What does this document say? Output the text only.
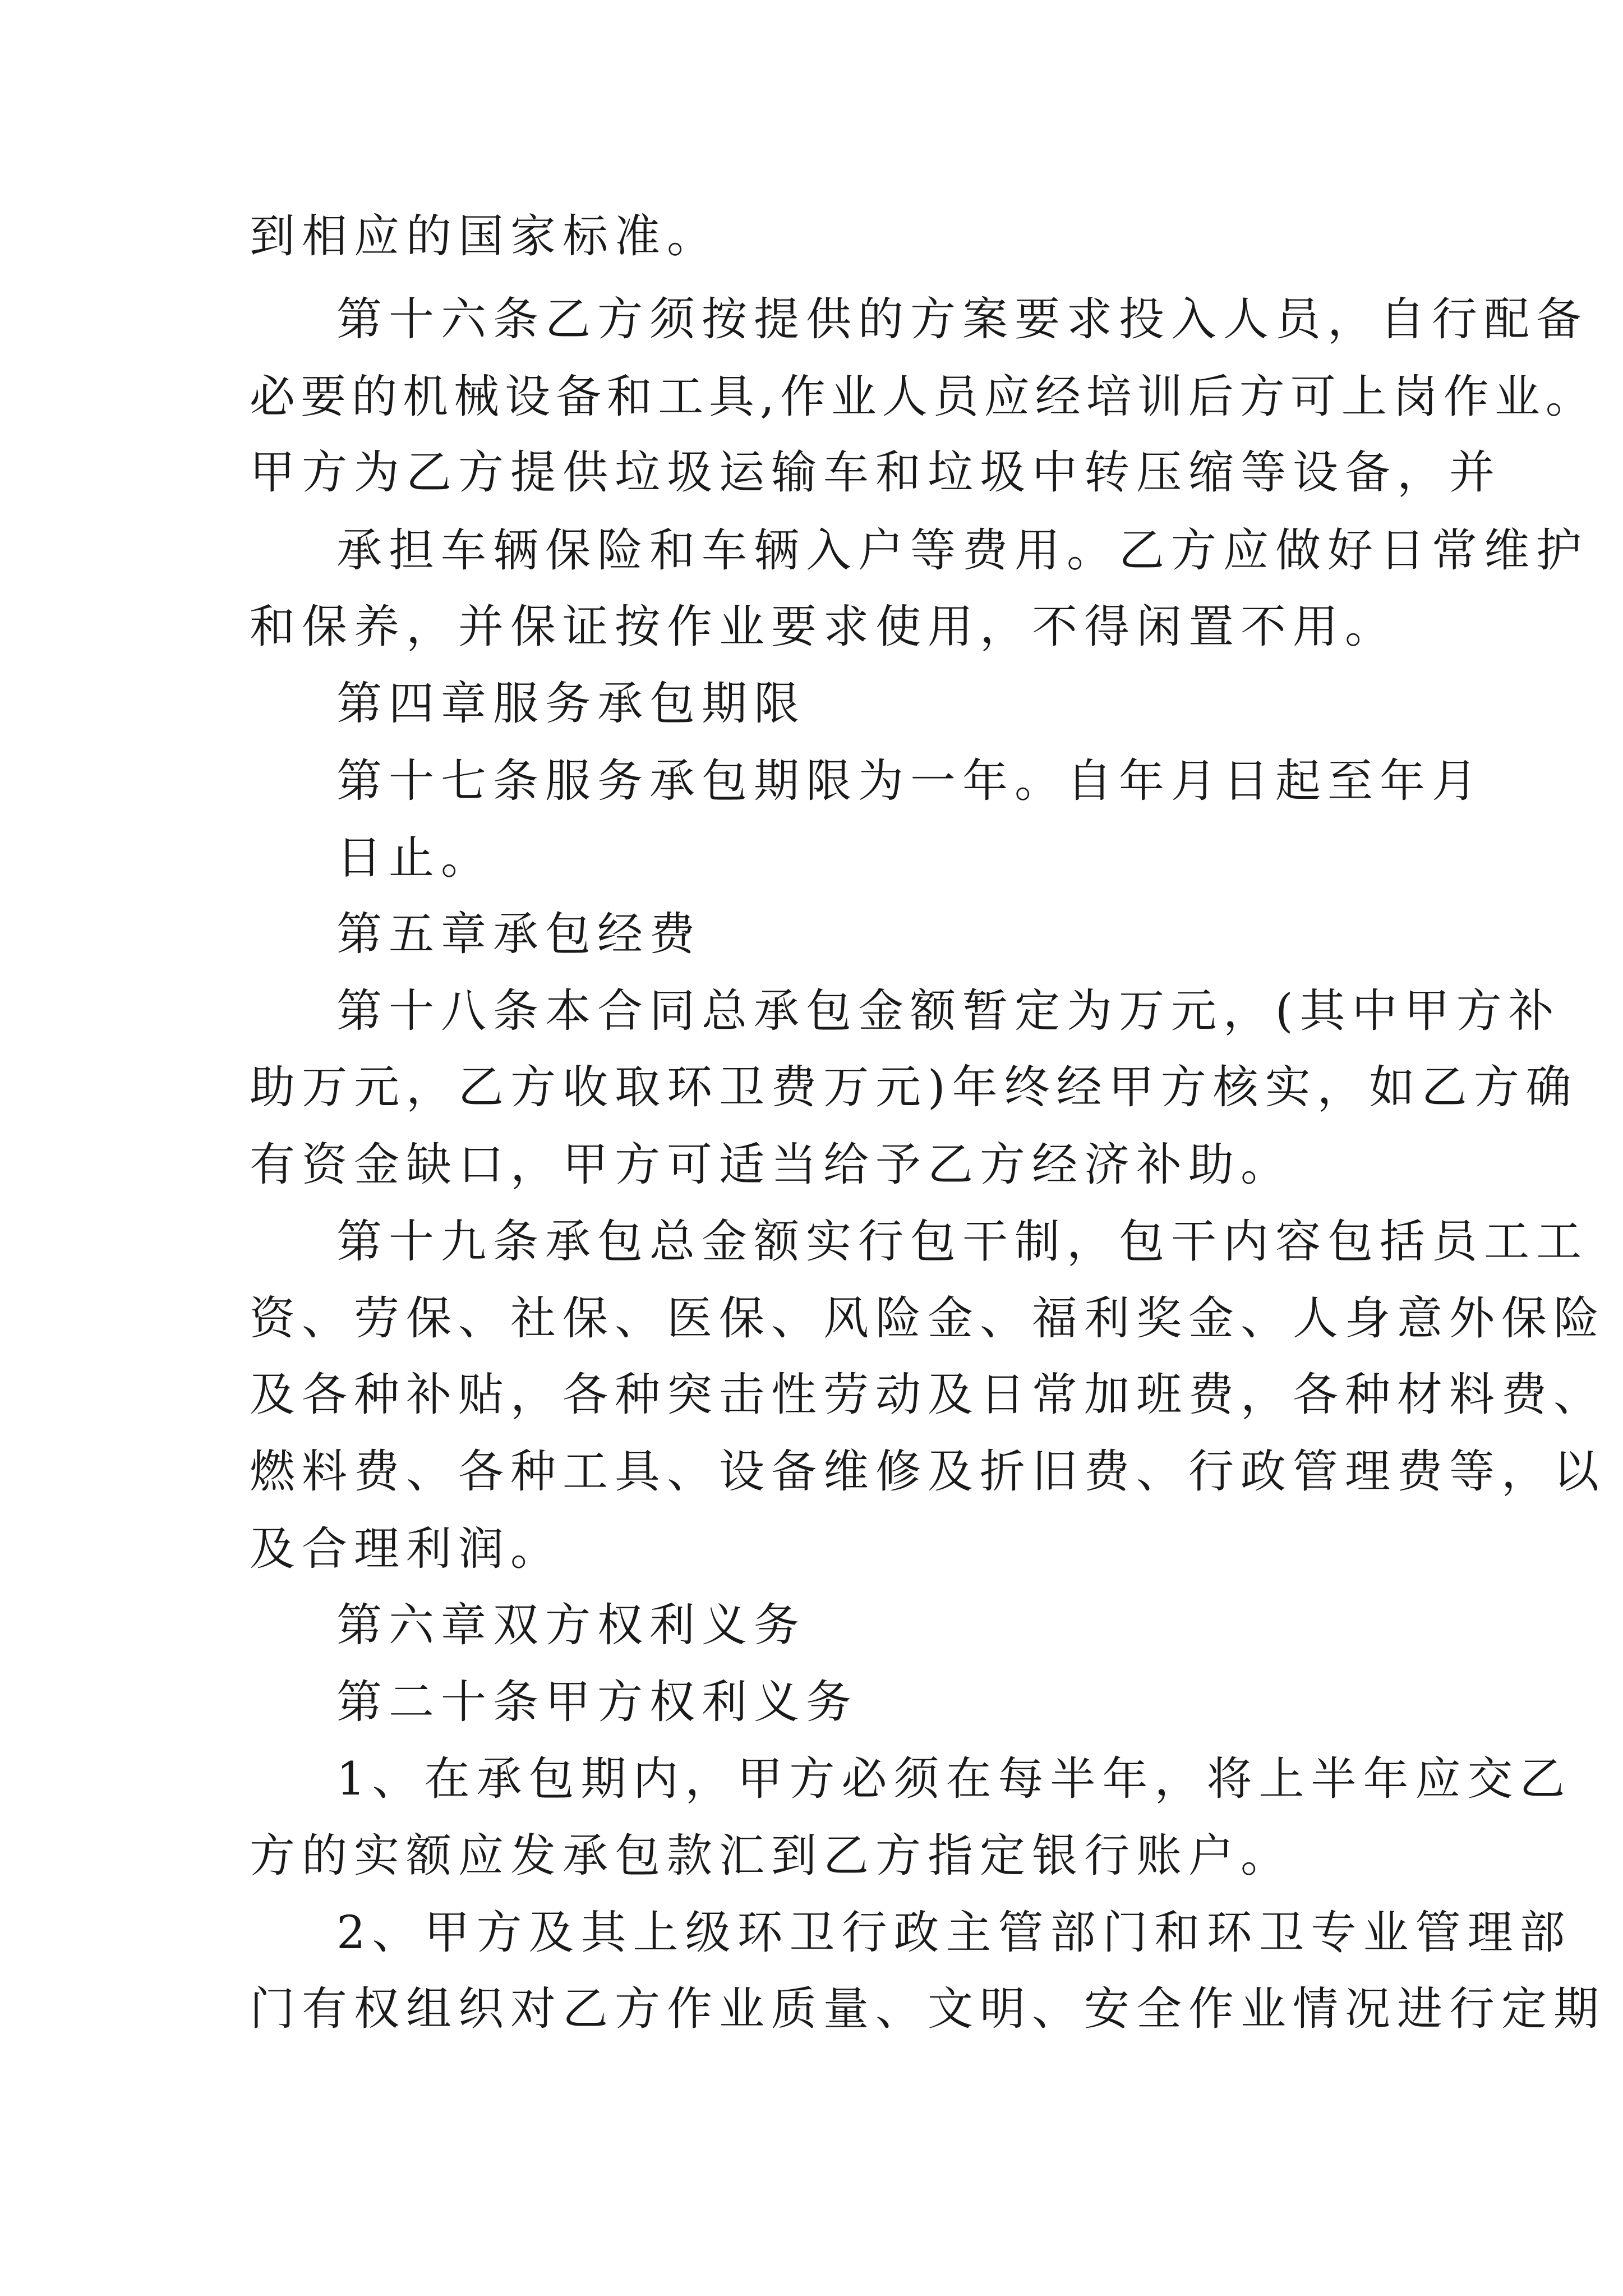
到相应的国家标准。
第十六条乙方须按提供的方案要求投入人员，自行配备
必要的机械设备和工具,作业人员应经培训后方可上岗作业。
甲方为乙方提供垃圾运输车和垃圾中转压缩等设备，并
承担车辆保险和车辆入户等费用。乙方应做好日常维护
和保养，并保证按作业要求使用，不得闲置不用。
第四章服务承包期限
第十七条服务承包期限为一年。自年月日起至年月
日止。
第五章承包经费
第十八条本合同总承包金额暂定为万元，(其中甲方补
助万元，乙方收取环卫费万元)年终经甲方核实，如乙方确
有资金缺口，甲方可适当给予乙方经济补助。
第十九条承包总金额实行包干制，包干内容包括员工工
资、劳保、社保、医保、风险金、福利奖金、人身意外保险
及各种补贴，各种突击性劳动及日常加班费，各种材料费、
燃料费、各种工具、设备维修及折旧费、行政管理费等，以
及合理利润。
第六章双方权利义务
第二十条甲方权利义务
1、在承包期内，甲方必须在每半年，将上半年应交乙
方的实额应发承包款汇到乙方指定银行账户。
2、甲方及其上级环卫行政主管部门和环卫专业管理部
门有权组织对乙方作业质量、文明、安全作业情况进行定期
